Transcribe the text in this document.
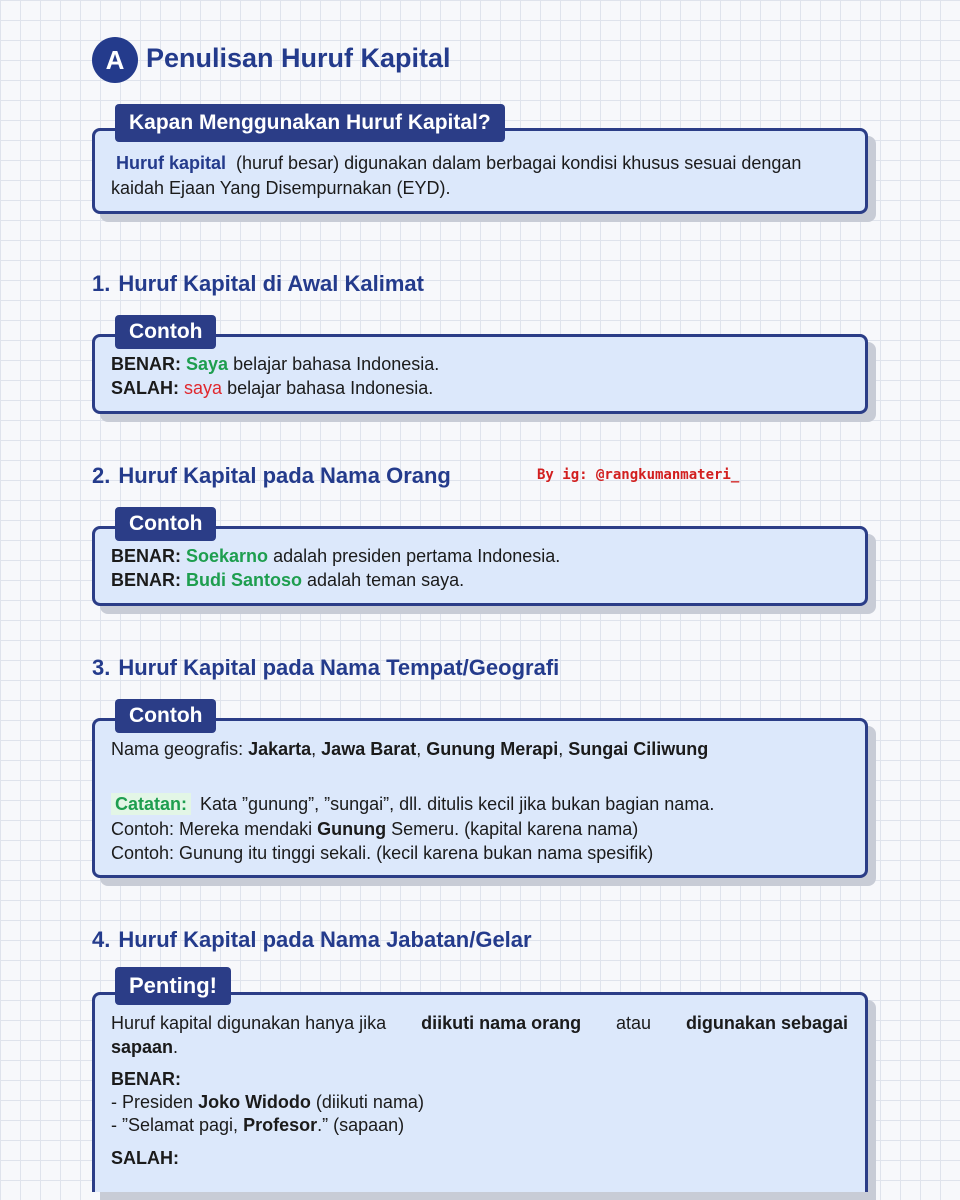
A Penulisan Huruf Kapital
Kapan Menggunakan Huruf Kapital?
Huruf kapital (huruf besar) digunakan dalam berbagai kondisi khusus sesuai dengan
kaidah Ejaan Yang Disempurnakan (EYD).
1. Huruf Kapital di Awal Kalimat
Contoh
BENAR: Saya belajar bahasa Indonesia.
SALAH: saya belajar bahasa Indonesia.
2. Huruf Kapital pada Nama Orang	By ig: @rangkumanmateri_
Contoh
BENAR: Soekarno adalah presiden pertama Indonesia.
BENAR: Budi Santoso adalah teman saya.
3. Huruf Kapital pada Nama Tempat/Geografi
Contoh
Nama geografis: Jakarta, Jawa Barat, Gunung Merapi, Sungai Ciliwung
Catatan: Kata ”gunung”, ”sungai”, dll. ditulis kecil jika bukan bagian nama.
Contoh: Mereka mendaki Gunung Semeru. (kapital karena nama)
Contoh: Gunung itu tinggi sekali. (kecil karena bukan nama spesifik)
4. Huruf Kapital pada Nama Jabatan/Gelar
Penting!
Huruf kapital digunakan hanya jika diikuti nama orang atau digunakan sebagai
sapaan.
BENAR:
- Presiden Joko Widodo (diikuti nama)
- ”Selamat pagi, Profesor.” (sapaan)
SALAH:
